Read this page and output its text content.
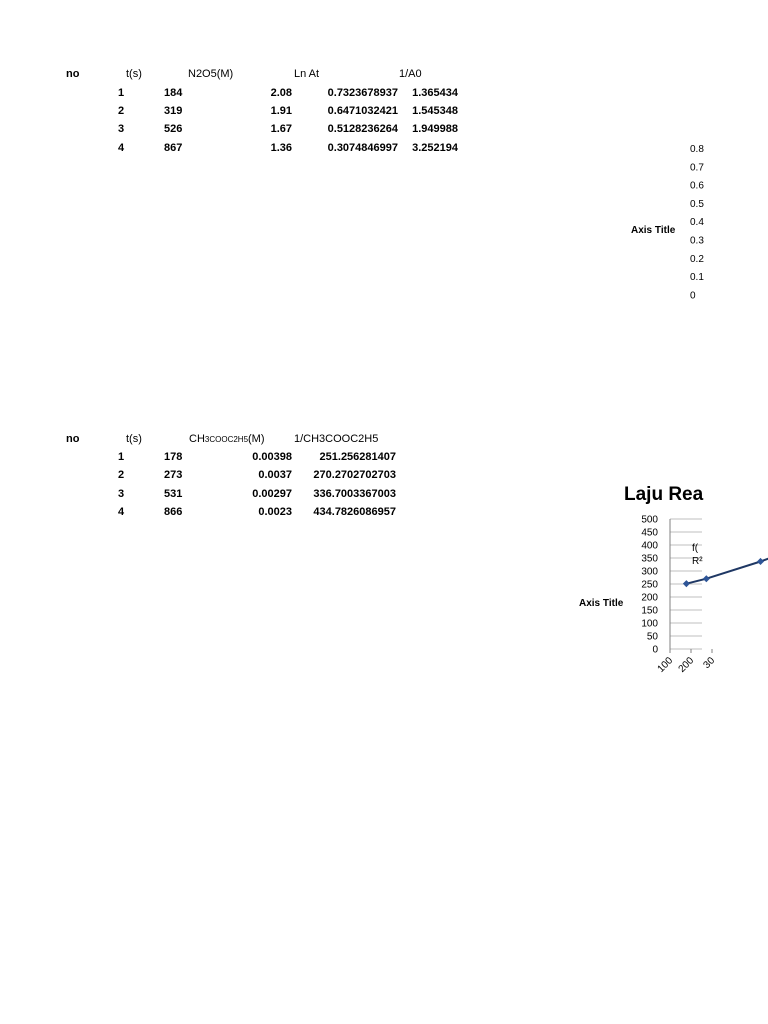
no	t(s)	N2O5(M)	Ln At	1/A0
1	184	2.08	0.7323678937	1.365434
2	319	1.91	0.6471032421	1.545348
3	526	1.67	0.5128236264	1.949988
4	867	1.36	0.3074846997	3.252194
Axis Title
0.8
0.7
0.6
0.5
0.4
0.3
0.2
0.1
0
no	t(s)	CH3COOC2H5(M)	1/CH3COOC2H5
1	178	0.00398	251.256281407
2	273	0.0037	270.2702702703
3	531	0.00297	336.7003367003
4	866	0.0023	434.7826086957
Laju Rea
Axis Title
500
450
400
350
300
250
200
150
100
50
0
100 200 30
f(
R²
